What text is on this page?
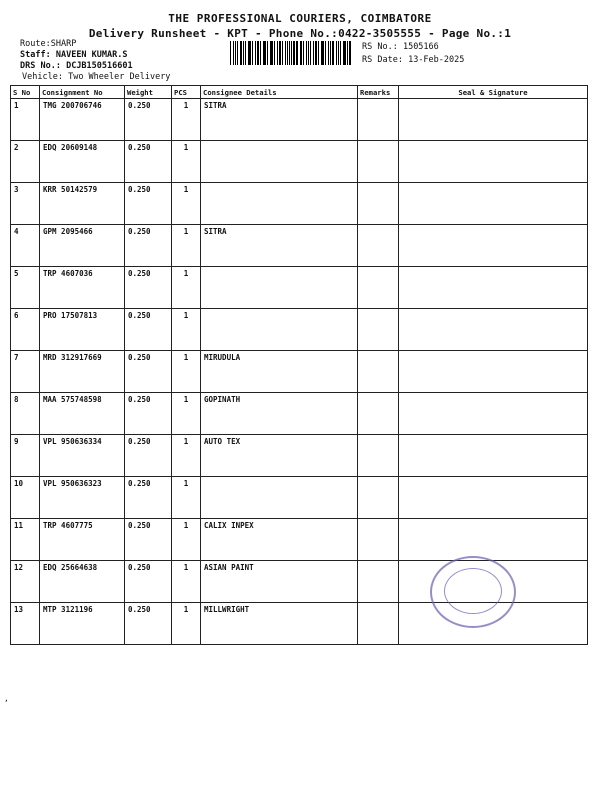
THE PROFESSIONAL COURIERS, COIMBATORE
Delivery Runsheet - KPT - Phone No.:0422-3505555 - Page No.:1
Route:SHARP
Staff: NAVEEN KUMAR.S
DRS No.: DCJB150516601
Vehicle: Two Wheeler Delivery
RS No.: 1505166
RS Date: 13-Feb-2025
S No	Consignment No	Weight	PCS	Consignee Details	Remarks	Seal & Signature
1	TMG 200706746	0.250	1	SITRA		
2	EDQ 20609148	0.250	1			
3	KRR 50142579	0.250	1			
4	GPM 2095466	0.250	1	SITRA		
5	TRP 4607036	0.250	1			
6	PRO 17507813	0.250	1			
7	MRD 312917669	0.250	1	MIRUDULA		
8	MAA 575748598	0.250	1	GOPINATH		
9	VPL 950636334	0.250	1	AUTO TEX		
10	VPL 950636323	0.250	1			
11	TRP 4607775	0.250	1	CALIX INPEX		
12	EDQ 25664638	0.250	1	ASIAN PAINT		
13	MTP 3121196	0.250	1	MILLWRIGHT		
,
